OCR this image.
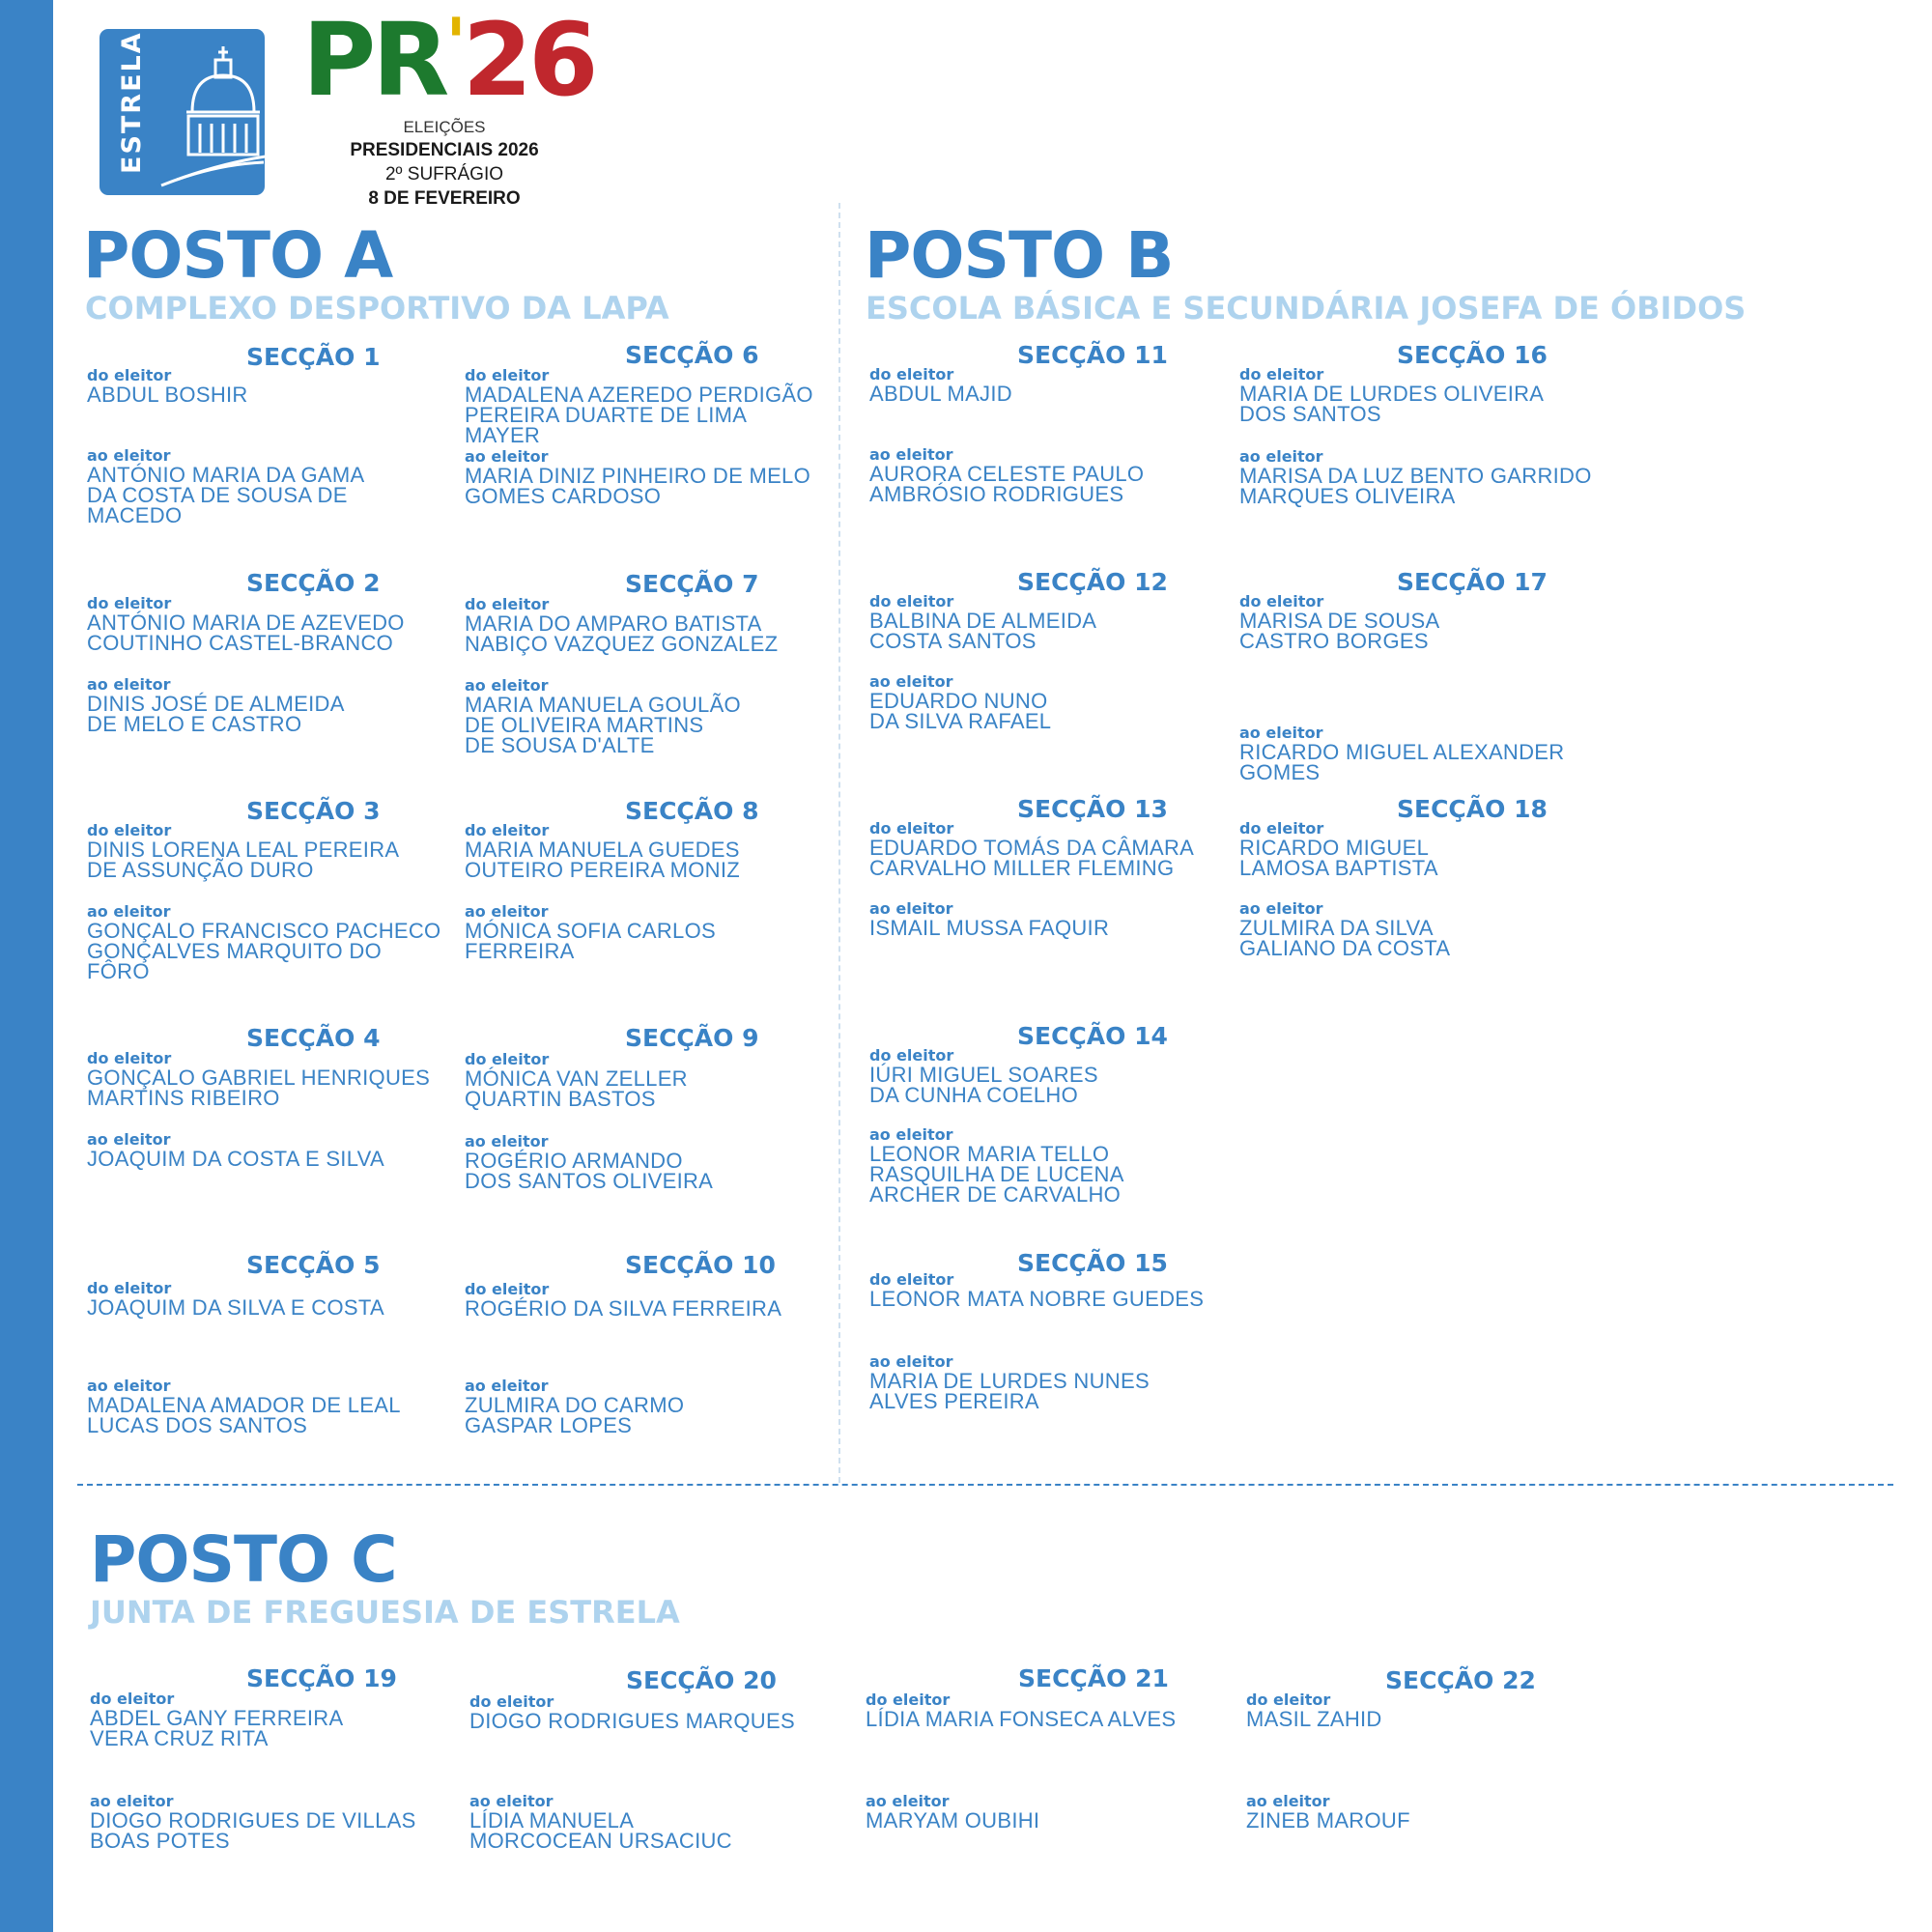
ESTRELA PR'26
ELEIÇÕES
PRESIDENCIAIS 2026
2º SUFRÁGIO
8 DE FEVEREIRO
POSTO A
COMPLEXO DESPORTIVO DA LAPA
POSTO B
ESCOLA BÁSICA E SECUNDÁRIA JOSEFA DE ÓBIDOS
POSTO C
JUNTA DE FREGUESIA DE ESTRELA
SECÇÃO 1
do eleitor
ABDUL BOSHIR
ao eleitor
ANTÓNIO MARIA DA GAMA
DA COSTA DE SOUSA DE MACEDO
SECÇÃO 6
do eleitor
MADALENA AZEREDO PERDIGÃO
PEREIRA DUARTE DE LIMA MAYER
ao eleitor
MARIA DINIZ PINHEIRO DE MELO
GOMES CARDOSO
SECÇÃO 2
do eleitor
ANTÓNIO MARIA DE AZEVEDO
COUTINHO CASTEL-BRANCO
ao eleitor
DINIS JOSÉ DE ALMEIDA
DE MELO E CASTRO
SECÇÃO 7
do eleitor
MARIA DO AMPARO BATISTA
NABIÇO VAZQUEZ GONZALEZ
ao eleitor
MARIA MANUELA GOULÃO
DE OLIVEIRA MARTINS
DE SOUSA D'ALTE
SECÇÃO 3
do eleitor
DINIS LORENA LEAL PEREIRA
DE ASSUNÇÃO DURO
ao eleitor
GONÇALO FRANCISCO PACHECO
GONÇALVES MARQUITO DO FÔRO
SECÇÃO 8
do eleitor
MARIA MANUELA GUEDES
OUTEIRO PEREIRA MONIZ
ao eleitor
MÓNICA SOFIA CARLOS FERREIRA
SECÇÃO 4
do eleitor
GONÇALO GABRIEL HENRIQUES
MARTINS RIBEIRO
ao eleitor
JOAQUIM DA COSTA E SILVA
SECÇÃO 9
do eleitor
MÓNICA VAN ZELLER
QUARTIN BASTOS
ao eleitor
ROGÉRIO ARMANDO
DOS SANTOS OLIVEIRA
SECÇÃO 5
do eleitor
JOAQUIM DA SILVA E COSTA
ao eleitor
MADALENA AMADOR DE LEAL
LUCAS DOS SANTOS
SECÇÃO 10
do eleitor
ROGÉRIO DA SILVA FERREIRA
ao eleitor
ZULMIRA DO CARMO
GASPAR LOPES
SECÇÃO 11
do eleitor
ABDUL MAJID
ao eleitor
AURORA CELESTE PAULO
AMBRÓSIO RODRIGUES
SECÇÃO 16
do eleitor
MARIA DE LURDES OLIVEIRA
DOS SANTOS
ao eleitor
MARISA DA LUZ BENTO GARRIDO
MARQUES OLIVEIRA
SECÇÃO 12
do eleitor
BALBINA DE ALMEIDA
COSTA SANTOS
ao eleitor
EDUARDO NUNO
DA SILVA RAFAEL
SECÇÃO 17
do eleitor
MARISA DE SOUSA
CASTRO BORGES
ao eleitor
RICARDO MIGUEL ALEXANDER GOMES
SECÇÃO 13
do eleitor
EDUARDO TOMÁS DA CÂMARA
CARVALHO MILLER FLEMING
ao eleitor
ISMAIL MUSSA FAQUIR
SECÇÃO 18
do eleitor
RICARDO MIGUEL
LAMOSA BAPTISTA
ao eleitor
ZULMIRA DA SILVA
GALIANO DA COSTA
SECÇÃO 14
do eleitor
IÚRI MIGUEL SOARES
DA CUNHA COELHO
ao eleitor
LEONOR MARIA TELLO
RASQUILHA DE LUCENA
ARCHER DE CARVALHO
SECÇÃO 15
do eleitor
LEONOR MATA NOBRE GUEDES
ao eleitor
MARIA DE LURDES NUNES
ALVES PEREIRA
SECÇÃO 19
do eleitor
ABDEL GANY FERREIRA
VERA CRUZ RITA
ao eleitor
DIOGO RODRIGUES DE VILLAS
BOAS POTES
SECÇÃO 20
do eleitor
DIOGO RODRIGUES MARQUES
ao eleitor
LÍDIA MANUELA
MORCOCEAN URSACIUC
SECÇÃO 21
do eleitor
LÍDIA MARIA FONSECA ALVES
ao eleitor
MARYAM OUBIHI
SECÇÃO 22
do eleitor
MASIL ZAHID
ao eleitor
ZINEB MAROUF
